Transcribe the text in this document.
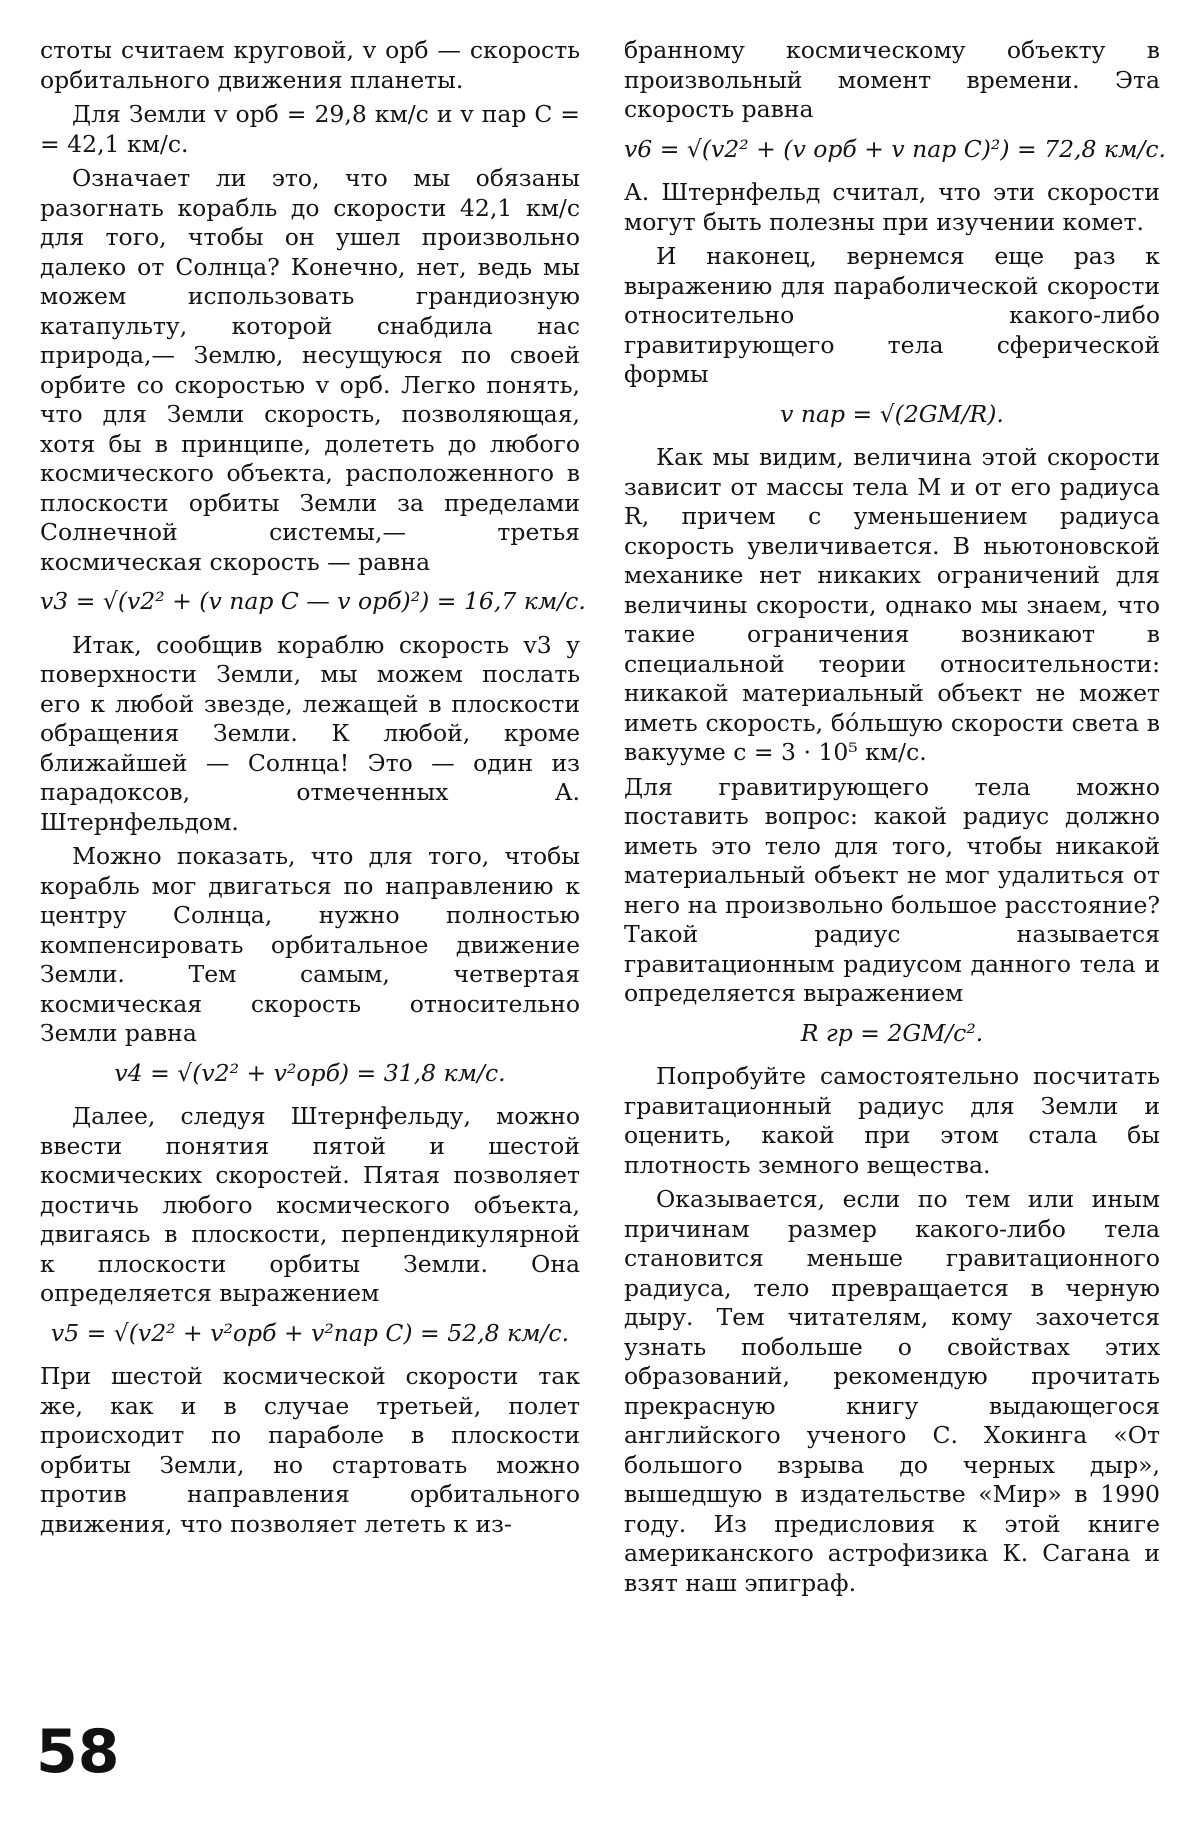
стоты считаем круговой, v орб — скорость орбитального движения планеты.

Для Земли v орб = 29,8 км/с и v пар С = = 42,1 км/с.

Означает ли это, что мы обязаны разогнать корабль до скорости 42,1 км/с для того, чтобы он ушел произвольно далеко от Солнца? Конечно, нет, ведь мы можем использовать грандиозную катапульту, которой снабдила нас природа,— Землю, несущуюся по своей орбите со скоростью v орб. Легко понять, что для Земли скорость, позволяющая, хотя бы в принципе, долететь до любого космического объекта, расположенного в плоскости орбиты Земли за пределами Солнечной системы,— третья космическая скорость — равна

v3 = √(v2² + (v пар С — v орб)²) = 16,7 км/с.

Итак, сообщив кораблю скорость v3 у поверхности Земли, мы можем послать его к любой звезде, лежащей в плоскости обращения Земли. К любой, кроме ближайшей — Солнца! Это — один из парадоксов, отмеченных А. Штернфельдом.

Можно показать, что для того, чтобы корабль мог двигаться по направлению к центру Солнца, нужно полностью компенсировать орбитальное движение Земли. Тем самым, четвертая космическая скорость относительно Земли равна

v4 = √(v2² + v²орб) = 31,8 км/с.

Далее, следуя Штернфельду, можно ввести понятия пятой и шестой космических скоростей. Пятая позволяет достичь любого космического объекта, двигаясь в плоскости, перпендикулярной к плоскости орбиты Земли. Она определяется выражением

v5 = √(v2² + v²орб + v²пар С) = 52,8 км/с.

При шестой космической скорости так же, как и в случае третьей, полет происходит по параболе в плоскости орбиты Земли, но стартовать можно против направления орбитального движения, что позволяет лететь к из-

бранному космическому объекту в произвольный момент времени. Эта скорость равна

v6 = √(v2² + (v орб + v пар С)²) = 72,8 км/с.

А. Штернфельд считал, что эти скорости могут быть полезны при изучении комет.

И наконец, вернемся еще раз к выражению для параболической скорости относительно какого-либо гравитирующего тела сферической формы

v пар = √(2GM/R).

Как мы видим, величина этой скорости зависит от массы тела M и от его радиуса R, причем с уменьшением радиуса скорость увеличивается. В ньютоновской механике нет никаких ограничений для величины скорости, однако мы знаем, что такие ограничения возникают в специальной теории относительности: никакой материальный объект не может иметь скорость, бóльшую скорости света в вакууме c = 3 · 10⁵ км/с.

Для гравитирующего тела можно поставить вопрос: какой радиус должно иметь это тело для того, чтобы никакой материальный объект не мог удалиться от него на произвольно большое расстояние? Такой радиус называется гравитационным радиусом данного тела и определяется выражением

R гр = 2GM/c².

Попробуйте самостоятельно посчитать гравитационный радиус для Земли и оценить, какой при этом стала бы плотность земного вещества.

Оказывается, если по тем или иным причинам размер какого-либо тела становится меньше гравитационного радиуса, тело превращается в черную дыру. Тем читателям, кому захочется узнать побольше о свойствах этих образований, рекомендую прочитать прекрасную книгу выдающегося английского ученого С. Хокинга «От большого взрыва до черных дыр», вышедшую в издательстве «Мир» в 1990 году. Из предисловия к этой книге американского астрофизика К. Сагана и взят наш эпиграф.

58
